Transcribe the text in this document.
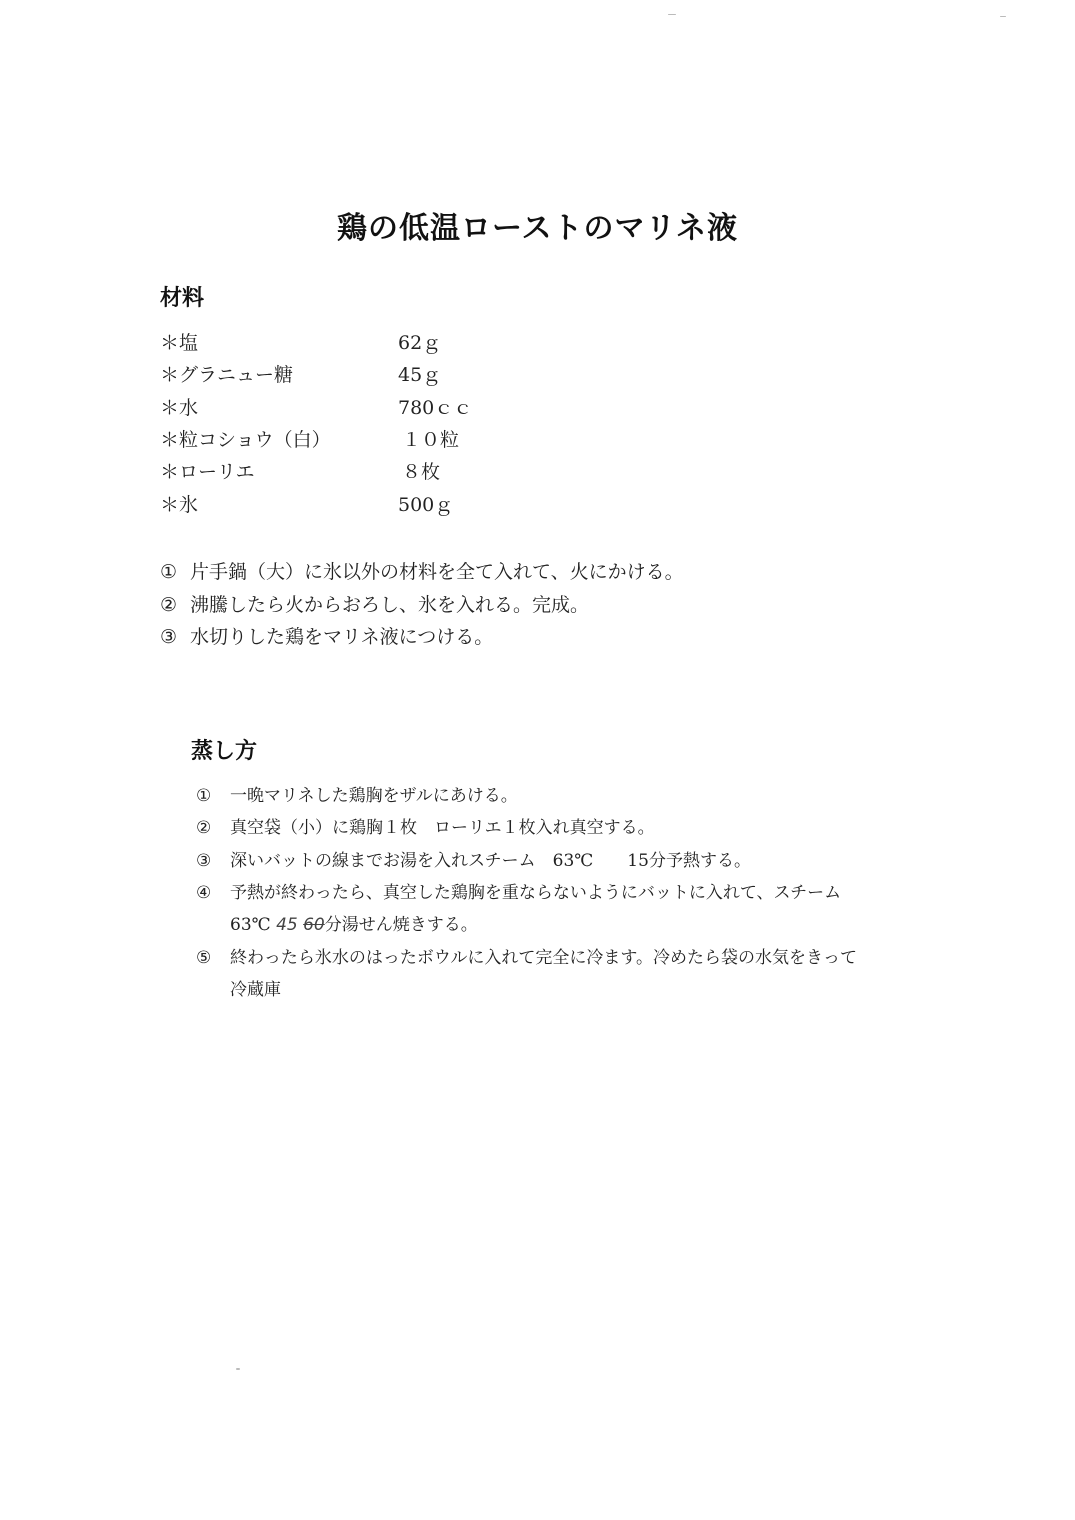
鶏の低温ローストのマリネ液
材料
＊塩	62ｇ
＊グラニュー糖	45ｇ
＊水	780ｃｃ
＊粒コショウ（白）	１０粒
＊ローリエ	８枚
＊氷	500ｇ
① 片手鍋（大）に氷以外の材料を全て入れて、火にかける。
② 沸騰したら火からおろし、氷を入れる。完成。
③ 水切りした鶏をマリネ液につける。
蒸し方
① 一晩マリネした鶏胸をザルにあける。
② 真空袋（小）に鶏胸１枚　ローリエ１枚入れ真空する。
③ 深いバットの線までお湯を入れスチーム　63℃　　15分予熱する。
④ 予熱が終わったら、真空した鶏胸を重ならないようにバットに入れて、スチーム
63℃ 45 60分湯せん焼きする。
⑤ 終わったら氷水のはったボウルに入れて完全に冷ます。冷めたら袋の水気をきって
冷蔵庫
